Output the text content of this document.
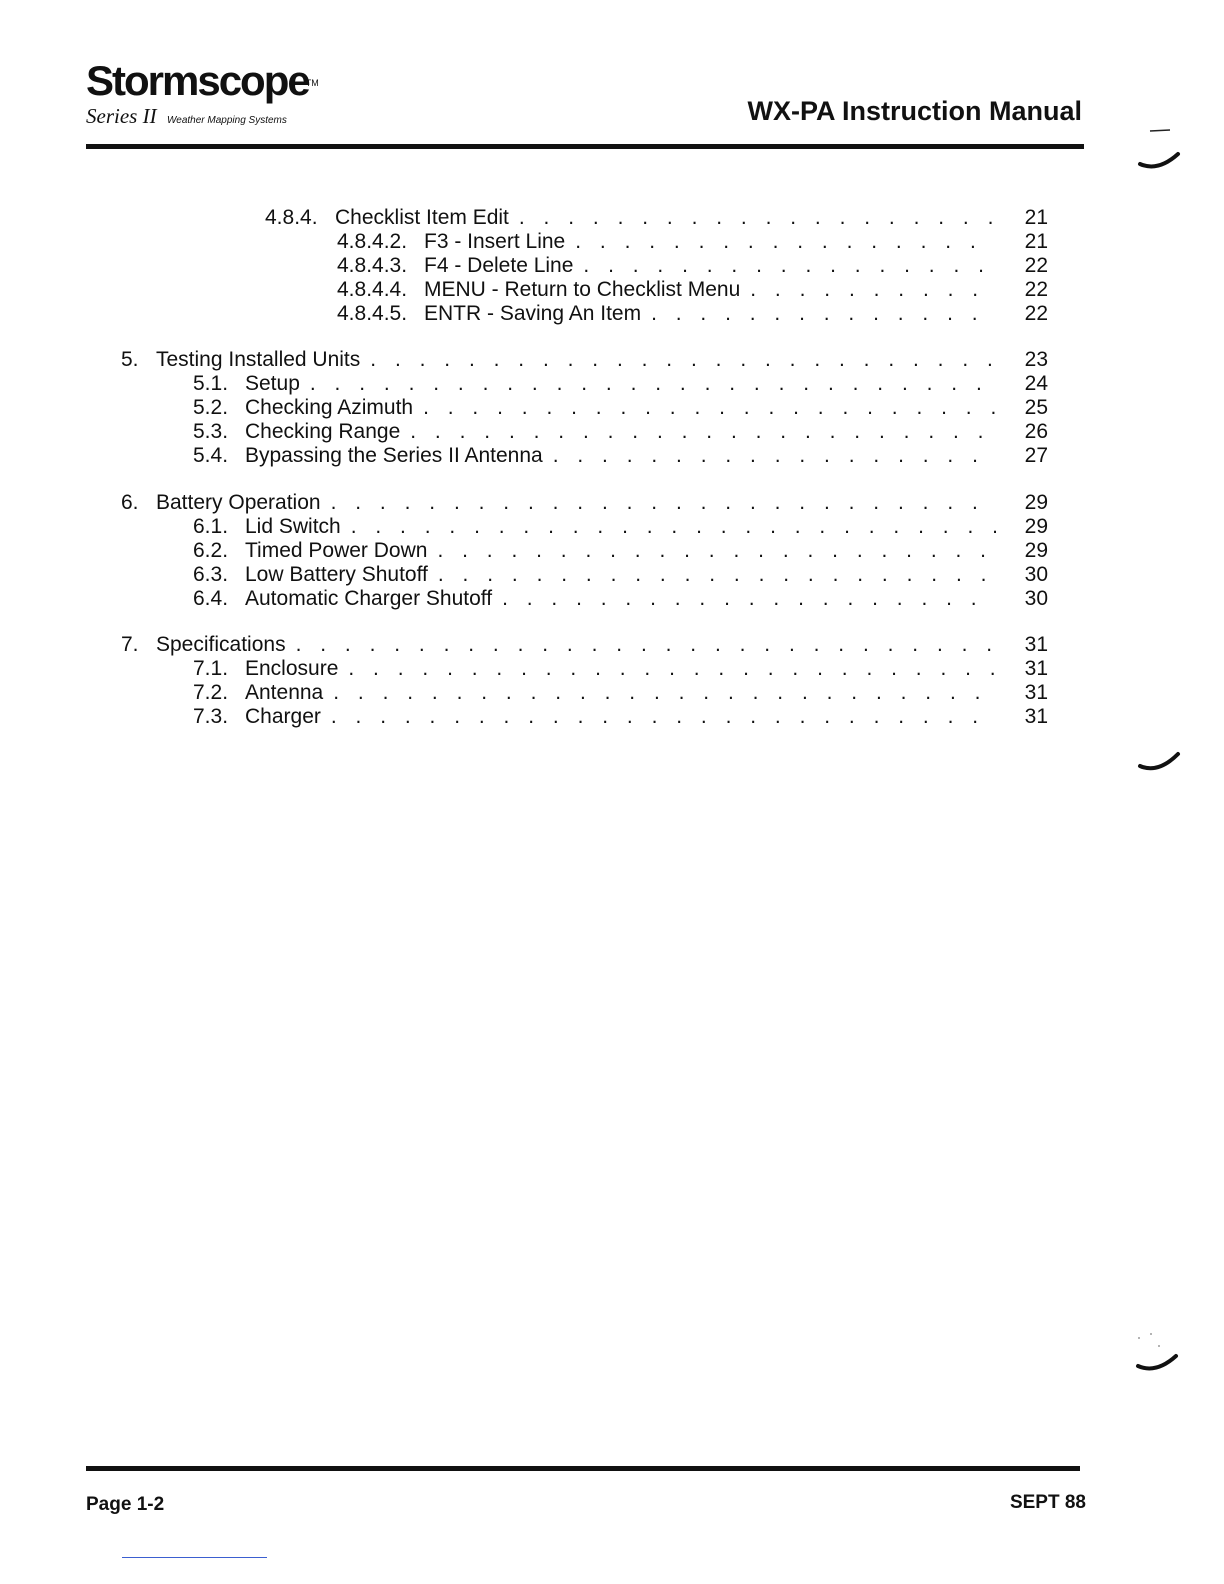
Stormscope
TM
Series II Weather Mapping Systems	WX-PA Instruction Manual
4.8.4. Checklist Item Edit . . .	21
4.8.4.2. F3 - Insert Line . . .	21
4.8.4.3. F4 - Delete Line . . .	22
4.8.4.4. MENU - Return to Checklist Menu . . .	22
4.8.4.5. ENTR - Saving An Item . . .	22
5. Testing Installed Units . . .	23
5.1. Setup . . .	24
5.2. Checking Azimuth . . .	25
5.3. Checking Range . . .	26
5.4. Bypassing the Series II Antenna . . .	27
6. Battery Operation . . .	29
6.1. Lid Switch . . .	29
6.2. Timed Power Down . . .	29
6.3. Low Battery Shutoff . . .	30
6.4. Automatic Charger Shutoff . . .	30
7. Specifications . . .	31
7.1. Enclosure . . .	31
7.2. Antenna . . .	31
7.3. Charger . . .	31
Page 1-2	SEPT 88
